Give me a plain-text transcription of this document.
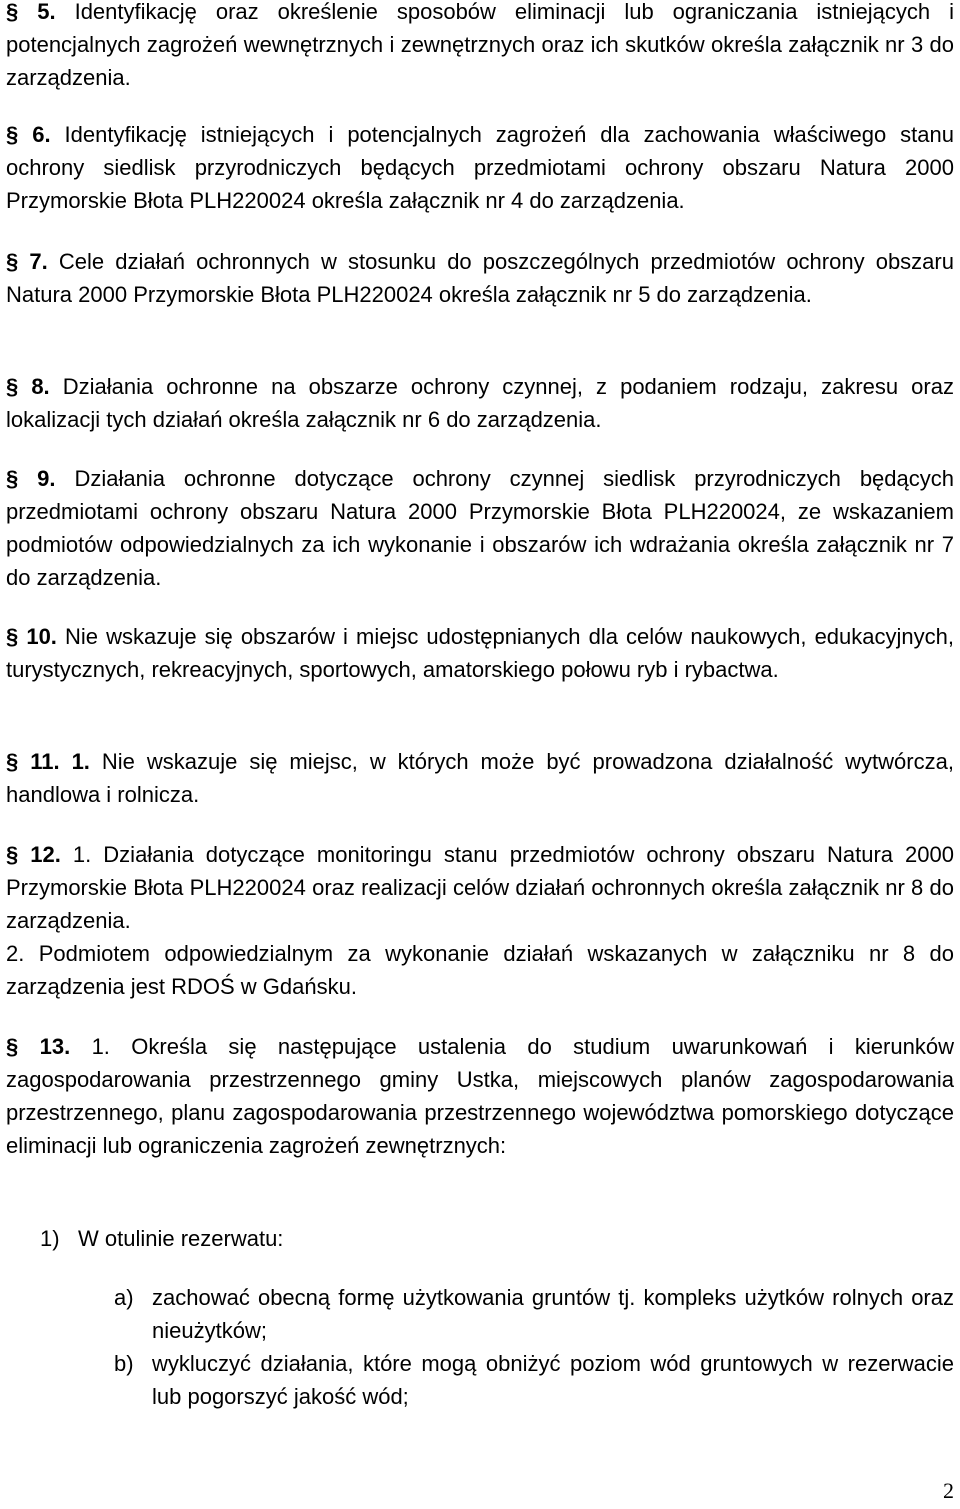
§ 5. Identyfikację oraz określenie sposobów eliminacji lub ograniczania istniejących i potencjalnych zagrożeń wewnętrznych i zewnętrznych oraz ich skutków określa załącznik nr 3 do zarządzenia.

§ 6. Identyfikację istniejących i potencjalnych zagrożeń dla zachowania właściwego stanu ochrony siedlisk przyrodniczych będących przedmiotami ochrony obszaru Natura 2000 Przymorskie Błota PLH220024 określa załącznik nr 4 do zarządzenia.

§ 7. Cele działań ochronnych w stosunku do poszczególnych przedmiotów ochrony obszaru Natura 2000 Przymorskie Błota PLH220024 określa załącznik nr 5 do zarządzenia.

§ 8. Działania ochronne na obszarze ochrony czynnej, z podaniem rodzaju, zakresu oraz lokalizacji tych działań określa załącznik nr 6 do zarządzenia.

§ 9. Działania ochronne dotyczące ochrony czynnej siedlisk przyrodniczych będących przedmiotami ochrony obszaru Natura 2000 Przymorskie Błota PLH220024, ze wskazaniem podmiotów odpowiedzialnych za ich wykonanie i obszarów ich wdrażania określa załącznik nr 7 do zarządzenia.

§ 10. Nie wskazuje się obszarów i miejsc udostępnianych dla celów naukowych, edukacyjnych, turystycznych, rekreacyjnych, sportowych, amatorskiego połowu ryb i rybactwa.

§ 11. 1. Nie wskazuje się miejsc, w których może być prowadzona działalność wytwórcza, handlowa i rolnicza.

§ 12. 1. Działania dotyczące monitoringu stanu przedmiotów ochrony obszaru Natura 2000 Przymorskie Błota PLH220024 oraz realizacji celów działań ochronnych określa załącznik nr 8 do zarządzenia.

2. Podmiotem odpowiedzialnym za wykonanie działań wskazanych w załączniku nr 8 do zarządzenia jest RDOŚ w Gdańsku.

§ 13. 1. Określa się następujące ustalenia do studium uwarunkowań i kierunków zagospodarowania przestrzennego gminy Ustka, miejscowych planów zagospodarowania przestrzennego, planu zagospodarowania przestrzennego województwa pomorskiego dotyczące eliminacji lub ograniczenia zagrożeń zewnętrznych:

1) W otulinie rezerwatu:

a) zachować obecną formę użytkowania gruntów tj. kompleks użytków rolnych oraz nieużytków;

b) wykluczyć działania, które mogą obniżyć poziom wód gruntowych w rezerwacie lub pogorszyć jakość wód;

2
